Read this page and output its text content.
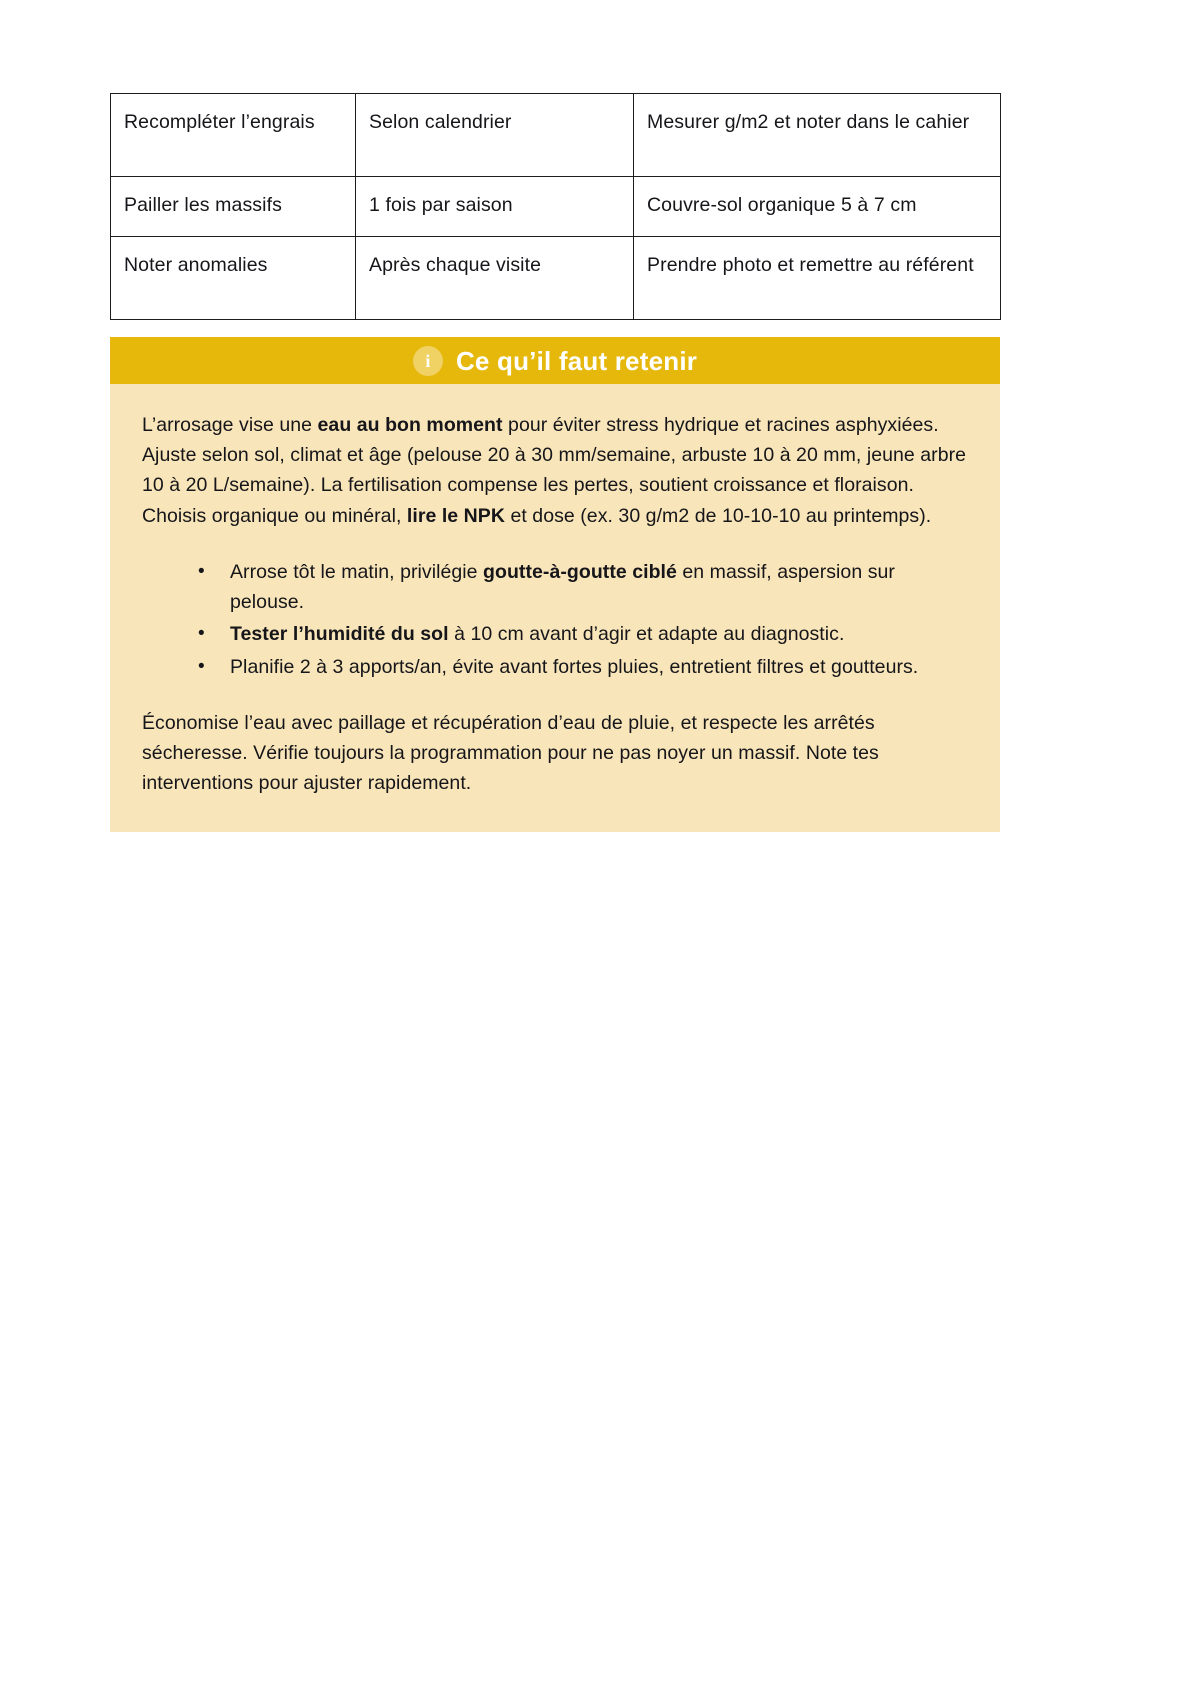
Recompléter l’engrais	Selon calendrier	Mesurer g/m2 et noter dans le cahier
Pailler les massifs	1 fois par saison	Couvre-sol organique 5 à 7 cm
Noter anomalies	Après chaque visite	Prendre photo et remettre au référent
i Ce qu’il faut retenir

L’arrosage vise une eau au bon moment pour éviter stress hydrique et racines asphyxiées. Ajuste selon sol, climat et âge (pelouse 20 à 30 mm/semaine, arbuste 10 à 20 mm, jeune arbre 10 à 20 L/semaine). La fertilisation compense les pertes, soutient croissance et floraison. Choisis organique ou minéral, lire le NPK et dose (ex. 30 g/m2 de 10-10-10 au printemps).

• Arrose tôt le matin, privilégie goutte-à-goutte ciblé en massif, aspersion sur pelouse.
• Tester l’humidité du sol à 10 cm avant d’agir et adapte au diagnostic.
• Planifie 2 à 3 apports/an, évite avant fortes pluies, entretient filtres et goutteurs.

Économise l’eau avec paillage et récupération d’eau de pluie, et respecte les arrêtés sécheresse. Vérifie toujours la programmation pour ne pas noyer un massif. Note tes interventions pour ajuster rapidement.
